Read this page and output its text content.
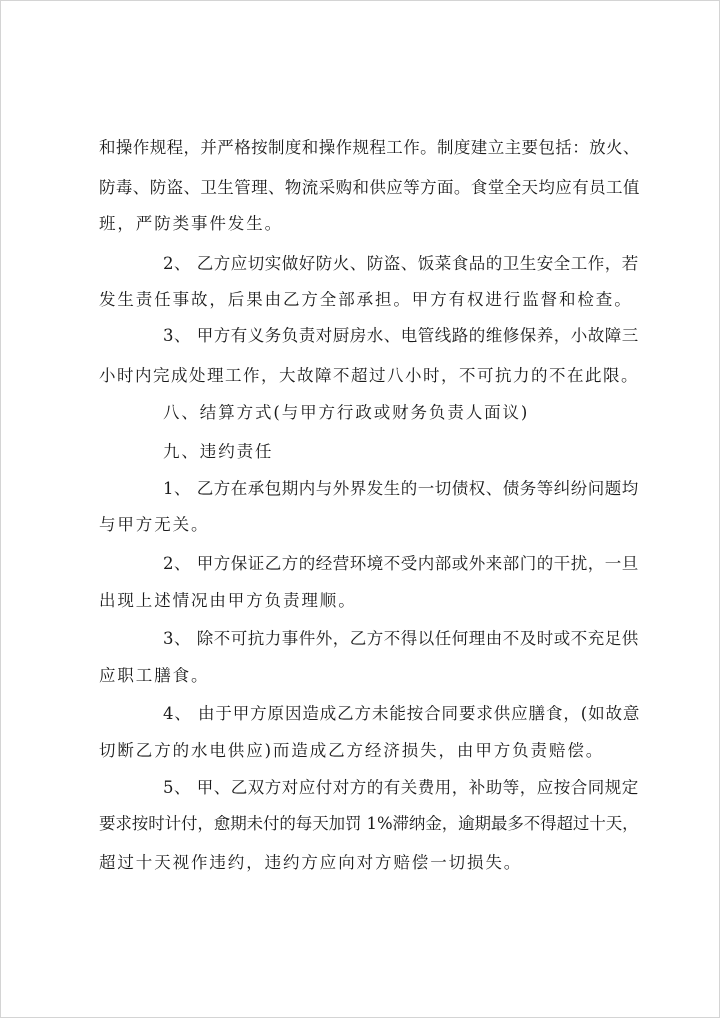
和操作规程，并严格按制度和操作规程工作。制度建立主要包括：放火、
防毒、防盗、卫生管理、物流采购和供应等方面。食堂全天均应有员工值
班，严防类事件发生。
2、 乙方应切实做好防火、防盗、饭菜食品的卫生安全工作，若
发生责任事故，后果由乙方全部承担。甲方有权进行监督和检查。
3、 甲方有义务负责对厨房水、电管线路的维修保养，小故障三
小时内完成处理工作，大故障不超过八小时，不可抗力的不在此限。
八、结算方式(与甲方行政或财务负责人面议)
九、违约责任
1、 乙方在承包期内与外界发生的一切债权、债务等纠纷问题均
与甲方无关。
2、 甲方保证乙方的经营环境不受内部或外来部门的干扰，一旦
出现上述情况由甲方负责理顺。
3、 除不可抗力事件外，乙方不得以任何理由不及时或不充足供
应职工膳食。
4、 由于甲方原因造成乙方未能按合同要求供应膳食，(如故意
切断乙方的水电供应)而造成乙方经济损失，由甲方负责赔偿。
5、 甲、乙双方对应付对方的有关费用，补助等，应按合同规定
要求按时计付，愈期未付的每天加罚 1%滞纳金，逾期最多不得超过十天，
超过十天视作违约，违约方应向对方赔偿一切损失。
